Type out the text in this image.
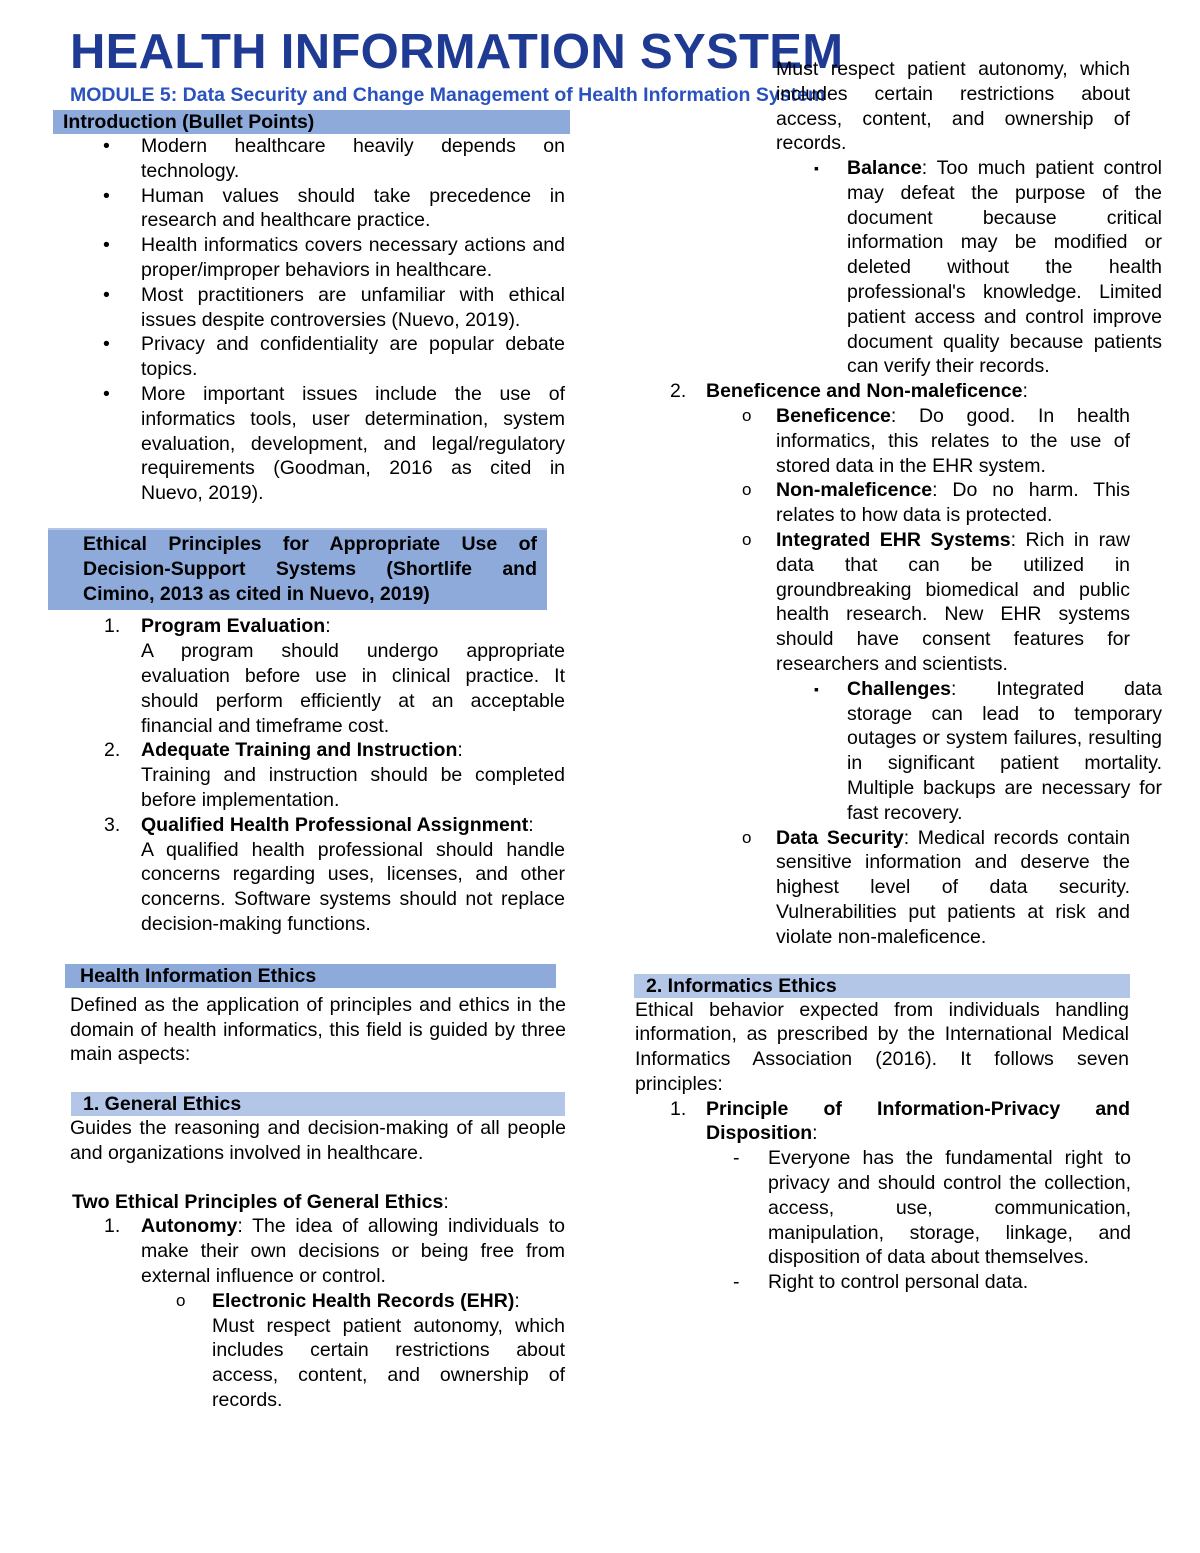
HEALTH INFORMATION SYSTEM

MODULE 5: Data Security and Change Management of Health Information System

Introduction (Bullet Points)
• Modern healthcare heavily depends on technology.
• Human values should take precedence in research and healthcare practice.
• Health informatics covers necessary actions and proper/improper behaviors in healthcare.
• Most practitioners are unfamiliar with ethical issues despite controversies (Nuevo, 2019).
• Privacy and confidentiality are popular debate topics.
• More important issues include the use of informatics tools, user determination, system evaluation, development, and legal/regulatory requirements (Goodman, 2016 as cited in Nuevo, 2019).
Ethical Principles for Appropriate Use of Decision-Support Systems (Shortlife and Cimino, 2013 as cited in Nuevo, 2019)
1. Program Evaluation:
A program should undergo appropriate evaluation before use in clinical practice. It should perform efficiently at an acceptable financial and timeframe cost.
2. Adequate Training and Instruction:
Training and instruction should be completed before implementation.
3. Qualified Health Professional Assignment:
A qualified health professional should handle concerns regarding uses, licenses, and other concerns. Software systems should not replace decision-making functions.
Health Information Ethics

Defined as the application of principles and ethics in the domain of health informatics, this field is guided by three main aspects:

1. General Ethics

Guides the reasoning and decision-making of all people and organizations involved in healthcare.

Two Ethical Principles of General Ethics:

1. Autonomy: The idea of allowing individuals to make their own decisions or being free from external influence or control.
o Electronic Health Records (EHR):
Must respect patient autonomy, which includes certain restrictions about access, content, and ownership of records.
Must respect patient autonomy, which includes certain restrictions about access, content, and ownership of records.
▪ Balance: Too much patient control may defeat the purpose of the document because critical information may be modified or deleted without the health professional's knowledge. Limited patient access and control improve document quality because patients can verify their records.
2. Beneficence and Non-maleficence:
o Beneficence: Do good. In health informatics, this relates to the use of stored data in the EHR system.
o Non-maleficence: Do no harm. This relates to how data is protected.
o Integrated EHR Systems: Rich in raw data that can be utilized in groundbreaking biomedical and public health research. New EHR systems should have consent features for researchers and scientists.
▪ Challenges: Integrated data storage can lead to temporary outages or system failures, resulting in significant patient mortality. Multiple backups are necessary for fast recovery.
o Data Security: Medical records contain sensitive information and deserve the highest level of data security. Vulnerabilities put patients at risk and violate non-maleficence.
2. Informatics Ethics

Ethical behavior expected from individuals handling information, as prescribed by the International Medical Informatics Association (2016). It follows seven principles:

1. Principle of Information-Privacy and Disposition:
- Everyone has the fundamental right to privacy and should control the collection, access, use, communication, manipulation, storage, linkage, and disposition of data about themselves.
- Right to control personal data.
